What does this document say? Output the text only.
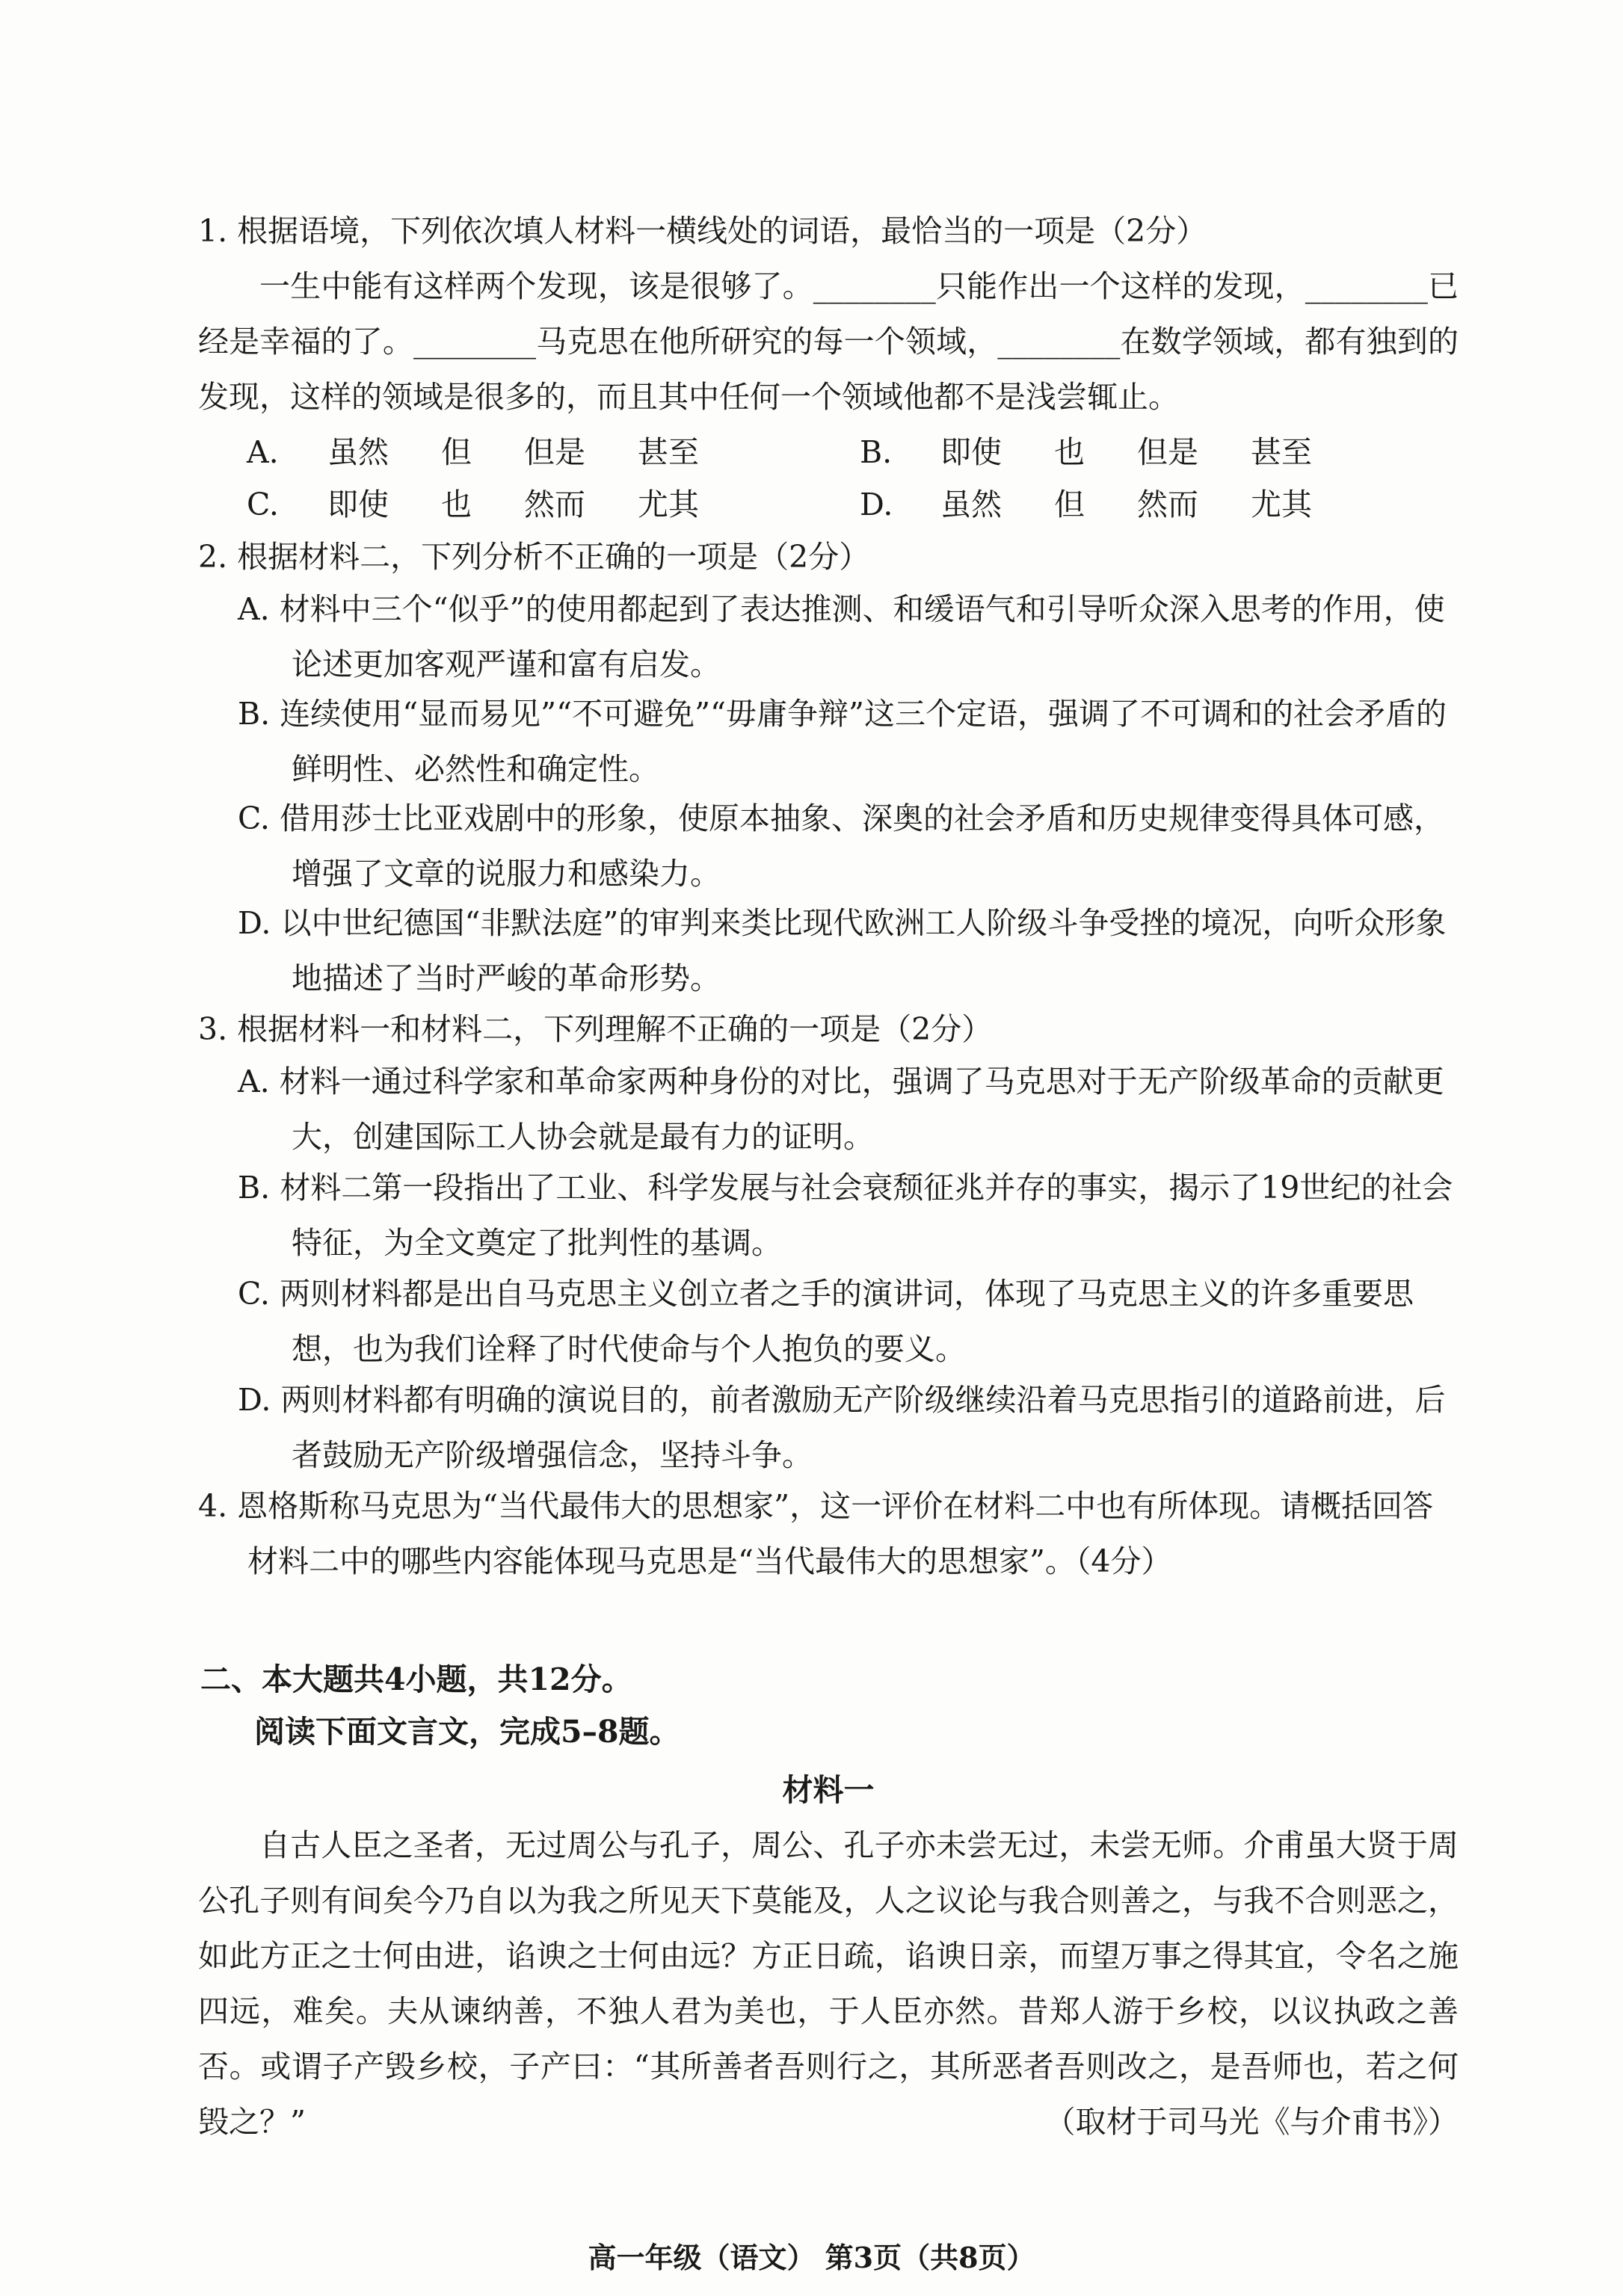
1. 根据语境，下列依次填人材料一横线处的词语，最恰当的一项是（2分）

一生中能有这样两个发现，该是很够了。________只能作出一个这样的发现，________已经是幸福的了。________马克思在他所研究的每一个领域，________在数学领域，都有独到的发现，这样的领域是很多的，而且其中任何一个领域他都不是浅尝辄止。

A. 虽然 但 但是 甚至	B. 即使 也 但是 甚至
C. 即使 也 然而 尤其	D. 虽然 但 然而 尤其

2. 根据材料二，下列分析不正确的一项是（2分）

A. 材料中三个“似乎”的使用都起到了表达推测、和缓语气和引导听众深入思考的作用，使论述更加客观严谨和富有启发。

B. 连续使用“显而易见”“不可避免”“毋庸争辩”这三个定语，强调了不可调和的社会矛盾的鲜明性、必然性和确定性。

C. 借用莎士比亚戏剧中的形象，使原本抽象、深奥的社会矛盾和历史规律变得具体可感，增强了文章的说服力和感染力。

D. 以中世纪德国“非默法庭”的审判来类比现代欧洲工人阶级斗争受挫的境况，向听众形象地描述了当时严峻的革命形势。

3. 根据材料一和材料二，下列理解不正确的一项是（2分）

A. 材料一通过科学家和革命家两种身份的对比，强调了马克思对于无产阶级革命的贡献更大，创建国际工人协会就是最有力的证明。

B. 材料二第一段指出了工业、科学发展与社会衰颓征兆并存的事实，揭示了19世纪的社会特征，为全文奠定了批判性的基调。

C. 两则材料都是出自马克思主义创立者之手的演讲词，体现了马克思主义的许多重要思想，也为我们诠释了时代使命与个人抱负的要义。

D. 两则材料都有明确的演说目的，前者激励无产阶级继续沿着马克思指引的道路前进，后者鼓励无产阶级增强信念，坚持斗争。

4. 恩格斯称马克思为“当代最伟大的思想家”，这一评价在材料二中也有所体现。请概括回答材料二中的哪些内容能体现马克思是“当代最伟大的思想家”。（4分）

二、本大题共4小题，共12分。

阅读下面文言文，完成5–8题。

材料一

自古人臣之圣者，无过周公与孔子，周公、孔子亦未尝无过，未尝无师。介甫虽大贤于周公孔子则有间矣今乃自以为我之所见天下莫能及，人之议论与我合则善之，与我不合则恶之，如此方正之士何由进，谄谀之士何由远？方正日疏，谄谀日亲，而望万事之得其宜，令名之施四远，难矣。夫从谏纳善，不独人君为美也，于人臣亦然。昔郑人游于乡校，以议执政之善否。或谓子产毁乡校，子产曰：“其所善者吾则行之，其所恶者吾则改之，是吾师也，若之何毁之？”	（取材于司马光《与介甫书》）

高一年级（语文） 第3页（共8页）
